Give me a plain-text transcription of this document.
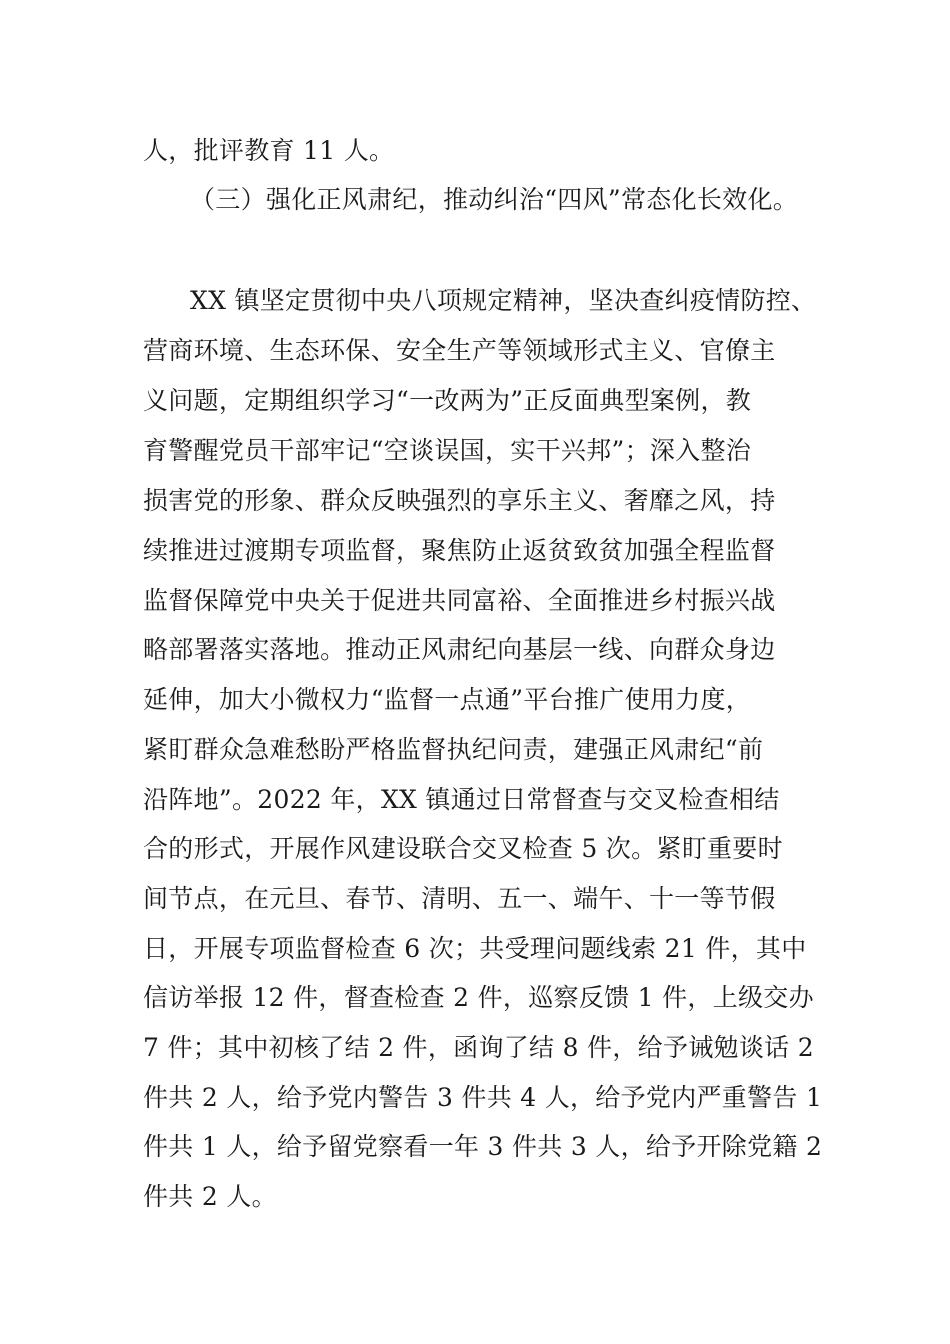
人，批评教育 11 人。
（三）强化正风肃纪，推动纠治“四风”常态化长效化。
XX 镇坚定贯彻中央八项规定精神，坚决查纠疫情防控、
营商环境、生态环保、安全生产等领域形式主义、官僚主
义问题，定期组织学习“一改两为”正反面典型案例，教
育警醒党员干部牢记“空谈误国，实干兴邦”；深入整治
损害党的形象、群众反映强烈的享乐主义、奢靡之风，持
续推进过渡期专项监督，聚焦防止返贫致贫加强全程监督
监督保障党中央关于促进共同富裕、全面推进乡村振兴战
略部署落实落地。推动正风肃纪向基层一线、向群众身边
延伸，加大小微权力“监督一点通”平台推广使用力度，
紧盯群众急难愁盼严格监督执纪问责，建强正风肃纪“前
沿阵地”。2022 年，XX 镇通过日常督查与交叉检查相结
合的形式，开展作风建设联合交叉检查 5 次。紧盯重要时
间节点，在元旦、春节、清明、五一、端午、十一等节假
日，开展专项监督检查 6 次；共受理问题线索 21 件，其中
信访举报 12 件，督查检查 2 件，巡察反馈 1 件，上级交办
7 件；其中初核了结 2 件，函询了结 8 件，给予诫勉谈话 2
件共 2 人，给予党内警告 3 件共 4 人，给予党内严重警告 1
件共 1 人，给予留党察看一年 3 件共 3 人，给予开除党籍 2
件共 2 人。
